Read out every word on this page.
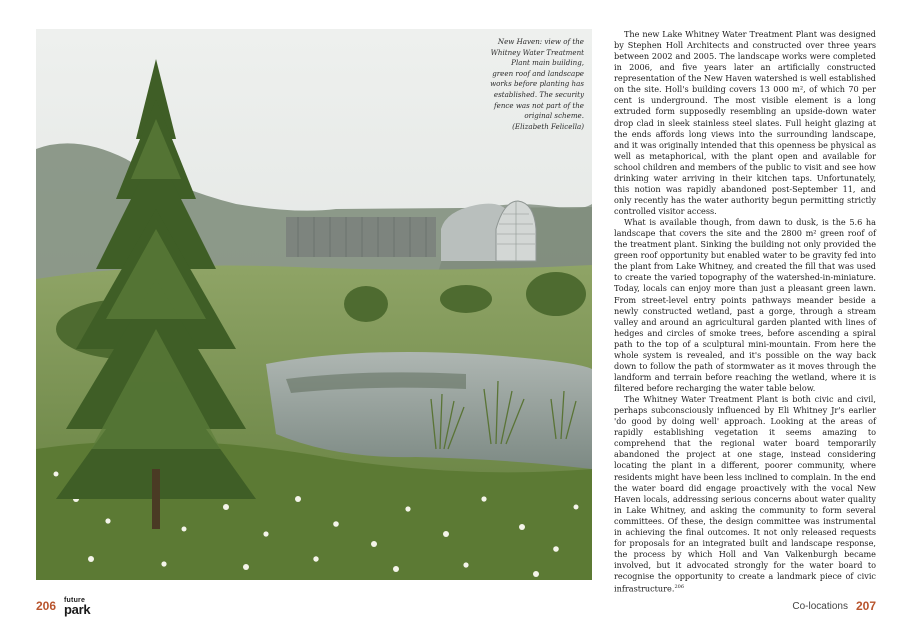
New Haven: view of the
Whitney Water Treatment
Plant main building,
green roof and landscape
works before planting has
established. The security
fence was not part of the
original scheme.
(Elizabeth Felicella)

The new Lake Whitney Water Treatment Plant was designed by Stephen Holl Architects and constructed over three years between 2002 and 2005. The landscape works were completed in 2006, and five years later an artificially constructed representation of the New Haven watershed is well established on the site. Holl's building covers 13 000 m², of which 70 per cent is underground. The most visible element is a long extruded form supposedly resembling an upside-down water drop clad in sleek stainless steel slates. Full height glazing at the ends affords long views into the surrounding landscape, and it was originally intended that this openness be physical as well as metaphorical, with the plant open and available for school children and members of the public to visit and see how drinking water arriving in their kitchen taps. Unfortunately, this notion was rapidly abandoned post-September 11, and only recently has the water authority begun permitting strictly controlled visitor access.

What is available though, from dawn to dusk, is the 5.6 ha landscape that covers the site and the 2800 m² green roof of the treatment plant. Sinking the building not only provided the green roof opportunity but enabled water to be gravity fed into the plant from Lake Whitney, and created the fill that was used to create the varied topography of the watershed-in-miniature. Today, locals can enjoy more than just a pleasant green lawn. From street-level entry points pathways meander beside a newly constructed wetland, past a gorge, through a stream valley and around an agricultural garden planted with lines of hedges and circles of smoke trees, before ascending a spiral path to the top of a sculptural mini-mountain. From here the whole system is revealed, and it's possible on the way back down to follow the path of stormwater as it moves through the landform and terrain before reaching the wetland, where it is filtered before recharging the water table below.

The Whitney Water Treatment Plant is both civic and civil, perhaps subconsciously influenced by Eli Whitney Jr's earlier 'do good by doing well' approach. Looking at the areas of rapidly establishing vegetation it seems amazing to comprehend that the regional water board temporarily abandoned the project at one stage, instead considering locating the plant in a different, poorer community, where residents might have been less inclined to complain. In the end the water board did engage proactively with the vocal New Haven locals, addressing serious concerns about water quality in Lake Whitney, and asking the community to form several committees. Of these, the design committee was instrumental in achieving the final outcomes. It not only released requests for proposals for an integrated built and landscape response, the process by which Holl and Van Valkenburgh became involved, but it advocated strongly for the water board to recognise the opportunity to create a landmark piece of civic infrastructure.$^{206}$

206 future
park	Co-locations 207
